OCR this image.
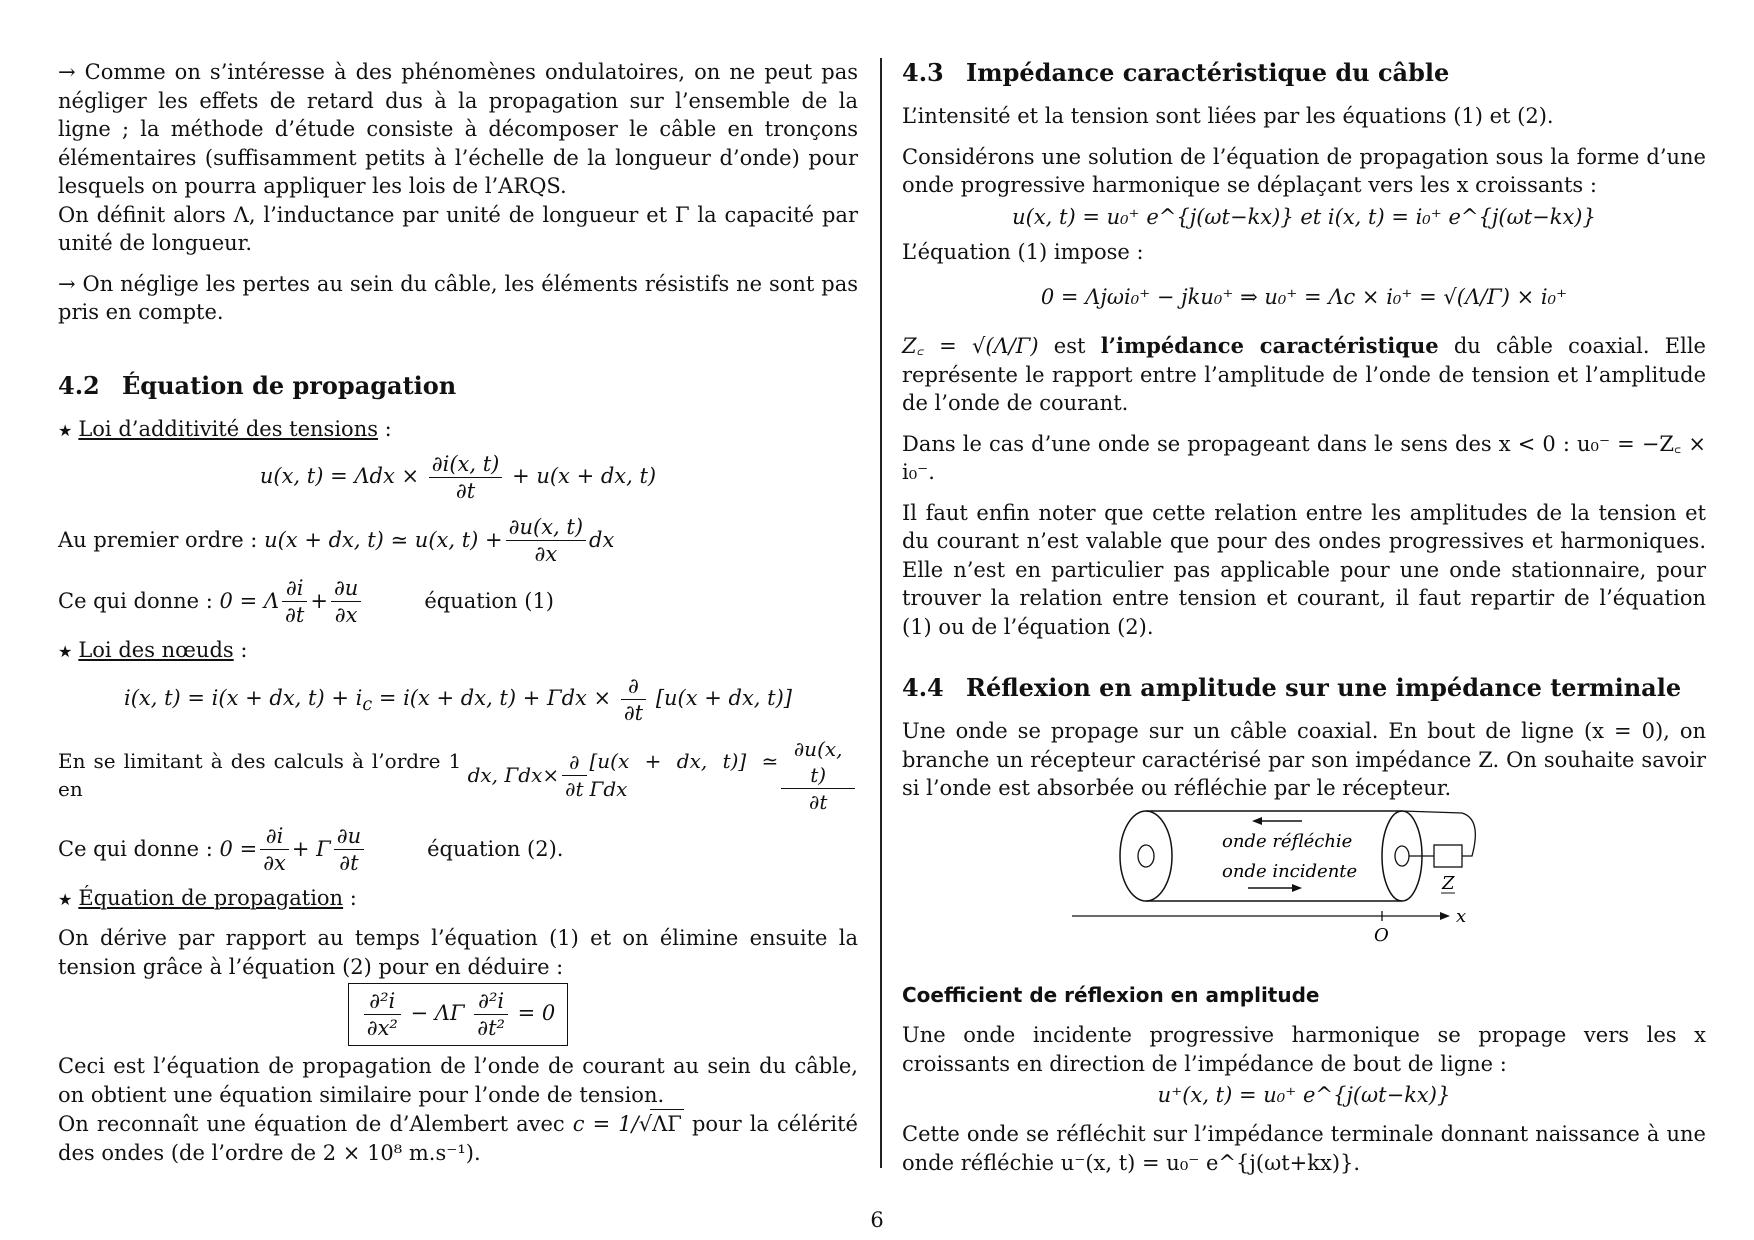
→ Comme on s’intéresse à des phénomènes ondulatoires, on ne peut pas négliger les effets de retard dus à la propagation sur l’ensemble de la ligne ; la méthode d’étude consiste à décomposer le câble en tronçons élémentaires (suffisamment petits à l’échelle de la longueur d’onde) pour lesquels on pourra appliquer les lois de l’ARQS.

On définit alors Λ, l’inductance par unité de longueur et Γ la capacité par unité de longueur.

→ On néglige les pertes au sein du câble, les éléments résistifs ne sont pas pris en compte.

4.2 Équation de propagation
★ Loi d’additivité des tensions :
u(x, $t) = \Lambda dx \times \frac{\partial i(x, t)}{\partial t} + u(x$ + dx, t)
Au premier ordre :
u(x + dx, t) ≃ u(x, $t) + \frac{\partial u(x, t)}{\partial x}$ dx
Ce qui donne :
0 = Λ $\frac{\partial i}{\partial t} + \frac{\partial u}{\partial x}$	équation (1)
★ Loi des nœuds :
i(x, t) = i(x + dx, $t) + i_c = i(x$ + dx, $t) + \Gamma dx \times \frac{\partial}{\partial t} [u(x$ + dx, t)]
En se limitant à des calculs à l’ordre 1 en

dx,
$\Gamma dx\times \frac{\partial}{\partial t} [u(x$ + dx, t)] ≃ Γdx	$\frac{\partial u(x, t)}{\partial t}$
Ce qui donne :
$0 = \frac{\partial i}{\partial x} + \Gamma \frac{\partial u}{\partial t}$	équation (2).
★ Équation de propagation :

On dérive par rapport au temps l’équation (1) et on élimine ensuite la tension grâce à l’équation (2) pour en déduire :

$\frac{\text{∂²i}}{\text{∂x²}} - \Lambda\Gamma \frac{\text{∂²i}}{\text{∂t²}} = 0$

Ceci est l’équation de propagation de l’onde de courant au sein du câble, on obtient une équation similaire pour l’onde de tension.

On reconnaît une équation de d’Alembert avec c = 1/√ΛΓ pour la célérité des ondes (de l’ordre de 2 × 10⁸ m.s⁻¹).

4.3 Impédance caractéristique du câble

L’intensité et la tension sont liées par les équations (1) et (2).

Considérons une solution de l’équation de propagation sous la forme d’une onde progressive harmonique se déplaçant vers les x croissants :

u(x, t) = u₀⁺ e^{j(ωt−kx)} et i(x, t) = i₀⁺ e^{j(ωt−kx)}

L’équation (1) impose :

0 = Λjωi₀⁺ − jku₀⁺ ⇒ u₀⁺ = Λc × i₀⁺ = √(Λ/Γ) × i₀⁺

Z꜀ = √(Λ/Γ) est l’impédance caractéristique du câble coaxial. Elle représente le rapport entre l’amplitude de l’onde de tension et l’amplitude de l’onde de courant.

Dans le cas d’une onde se propageant dans le sens des x < 0 : u₀⁻ = −Z꜀ × i₀⁻.

Il faut enfin noter que cette relation entre les amplitudes de la tension et du courant n’est valable que pour des ondes progressives et harmoniques. Elle n’est en particulier pas applicable pour une onde stationnaire, pour trouver la relation entre tension et courant, il faut repartir de l’équation (1) ou de l’équation (2).

4.4 Réflexion en amplitude sur une impédance terminale

Une onde se propage sur un câble coaxial. En bout de ligne (x = 0), on branche un récepteur caractérisé par son impédance Z. On souhaite savoir si l’onde est absorbée ou réfléchie par le récepteur.

Z
onde réfléchie
onde incidente
x
O
Coefficient de réflexion en amplitude

Une onde incidente progressive harmonique se propage vers les x croissants en direction de l’impédance de bout de ligne :

u⁺(x, t) = u₀⁺ e^{j(ωt−kx)}

Cette onde se réfléchit sur l’impédance terminale donnant naissance à une onde réfléchie u⁻(x, t) = u₀⁻ e^{j(ωt+kx)}.

6
